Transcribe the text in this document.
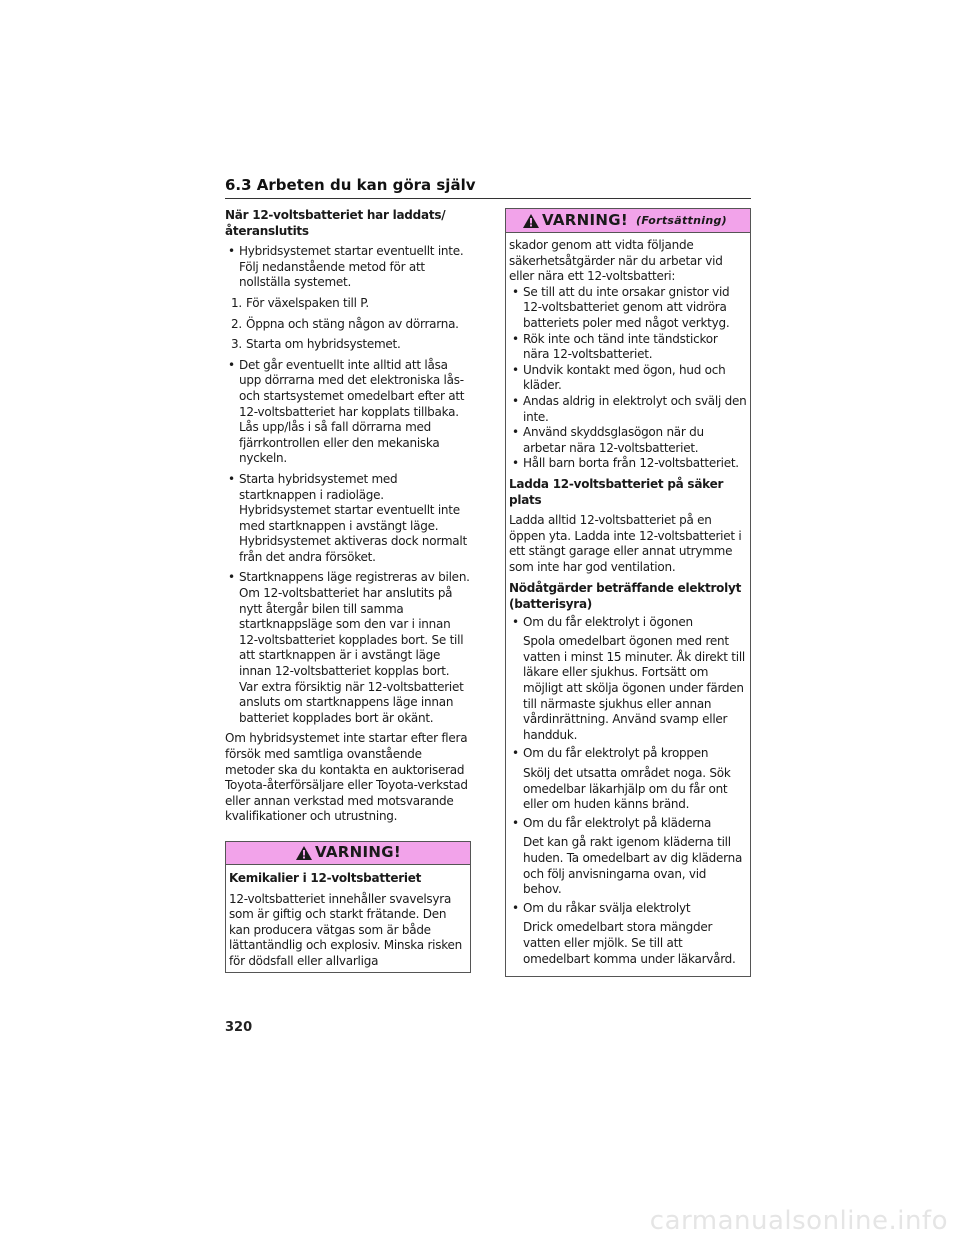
6.3 Arbeten du kan göra själv
När 12-voltsbatteriet har laddats/återanslutits
• Hybridsystemet startar eventuellt inte. Följ nedanstående metod för att nollställa systemet.
1. För växelspaken till P.
2. Öppna och stäng någon av dörrarna.
3. Starta om hybridsystemet.
• Det går eventuellt inte alltid att låsa upp dörrarna med det elektroniska lås- och startsystemet omedelbart efter att 12-voltsbatteriet har kopplats tillbaka. Lås upp/lås i så fall dörrarna med fjärrkontrollen eller den mekaniska nyckeln.
• Starta hybridsystemet med startknappen i radioläge. Hybridsystemet startar eventuellt inte med startknappen i avstängt läge. Hybridsystemet aktiveras dock normalt från det andra försöket.
• Startknappens läge registreras av bilen. Om 12-voltsbatteriet har anslutits på nytt återgår bilen till samma startknappsläge som den var i innan 12-voltsbatteriet kopplades bort. Se till att startknappen är i avstängt läge innan 12-voltsbatteriet kopplas bort. Var extra försiktig när 12-voltsbatteriet ansluts om startknappens läge innan batteriet kopplades bort är okänt.
Om hybridsystemet inte startar efter flera försök med samtliga ovanstående metoder ska du kontakta en auktoriserad Toyota-återförsäljare eller Toyota-verkstad eller annan verkstad med motsvarande kvalifikationer och utrustning.
VARNING!
Kemikalier i 12-voltsbatteriet
12-voltsbatteriet innehåller svavelsyra som är giftig och starkt frätande. Den kan producera vätgas som är både lättantändlig och explosiv. Minska risken för dödsfall eller allvarliga
VARNING! (Fortsättning)
skador genom att vidta följande säkerhetsåtgärder när du arbetar vid eller nära ett 12-voltsbatteri:
• Se till att du inte orsakar gnistor vid 12-voltsbatteriet genom att vidröra batteriets poler med något verktyg.
• Rök inte och tänd inte tändstickor nära 12-voltsbatteriet.
• Undvik kontakt med ögon, hud och kläder.
• Andas aldrig in elektrolyt och svälj den inte.
• Använd skyddsglasögon när du arbetar nära 12-voltsbatteriet.
• Håll barn borta från 12-voltsbatteriet.
Ladda 12-voltsbatteriet på säker plats
Ladda alltid 12-voltsbatteriet på en öppen yta. Ladda inte 12-voltsbatteriet i ett stängt garage eller annat utrymme som inte har god ventilation.
Nödåtgärder beträffande elektrolyt (batterisyra)
• Om du får elektrolyt i ögonen
Spola omedelbart ögonen med rent vatten i minst 15 minuter. Åk direkt till läkare eller sjukhus. Fortsätt om möjligt att skölja ögonen under färden till närmaste sjukhus eller annan vårdinrättning. Använd svamp eller handduk.
• Om du får elektrolyt på kroppen
Skölj det utsatta området noga. Sök omedelbar läkarhjälp om du får ont eller om huden känns bränd.
• Om du får elektrolyt på kläderna
Det kan gå rakt igenom kläderna till huden. Ta omedelbart av dig kläderna och följ anvisningarna ovan, vid behov.
• Om du råkar svälja elektrolyt
Drick omedelbart stora mängder vatten eller mjölk. Se till att omedelbart komma under läkarvård.
320
carmanualsonline.info
